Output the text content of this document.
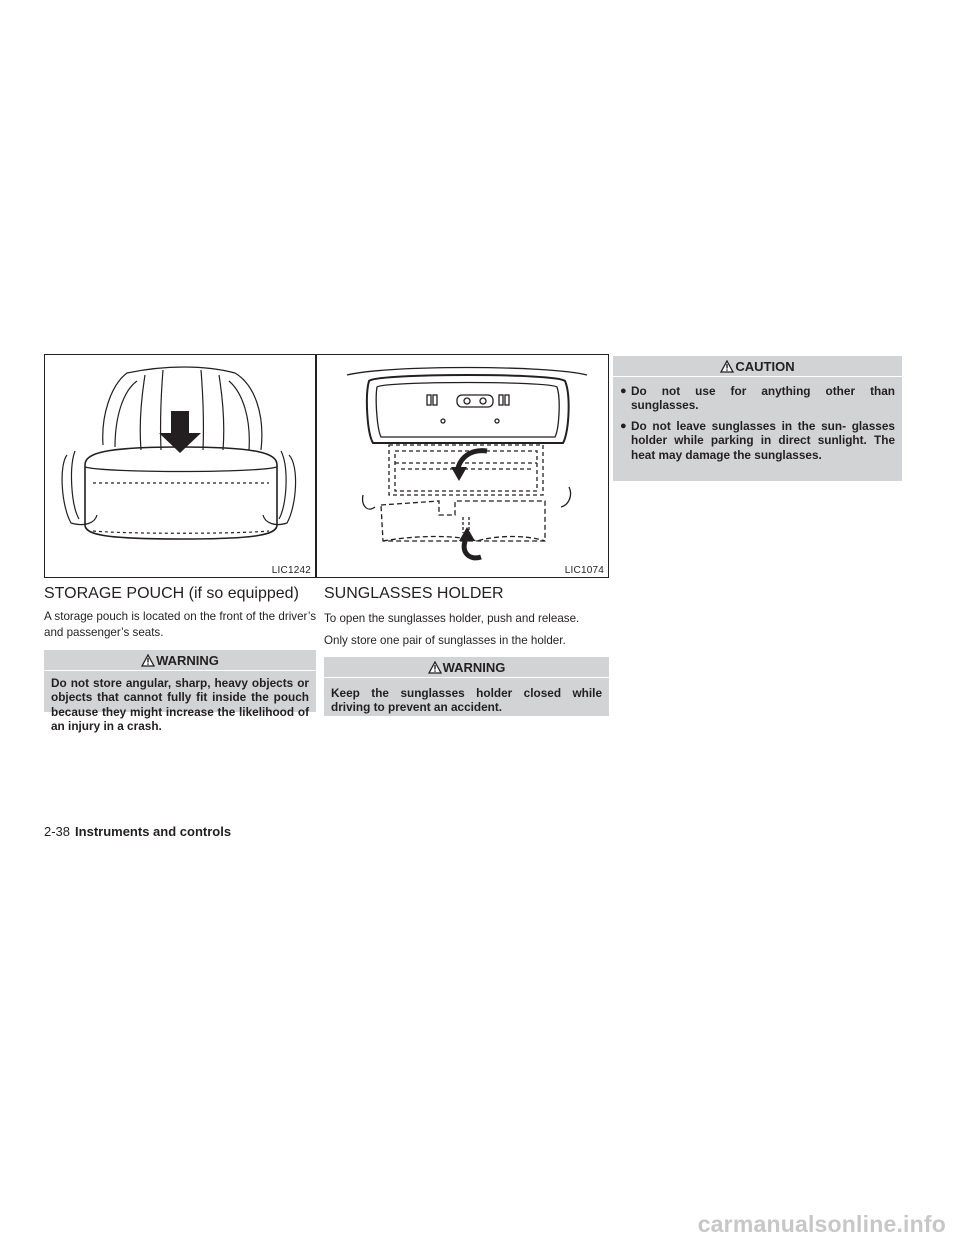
LIC1242	LIC1074
STORAGE POUCH (if so equipped)

A storage pouch is located on the front of the driver’s and passenger’s seats.

WARNING
Do not store angular, sharp, heavy objects or objects that cannot fully fit inside the pouch because they might increase the likelihood of an injury in a crash.
SUNGLASSES HOLDER

To open the sunglasses holder, push and release.

Only store one pair of sunglasses in the holder.

WARNING
Keep the sunglasses holder closed while driving to prevent an accident.
CAUTION
● Do not use for anything other than sunglasses.
● Do not leave sunglasses in the sun- glasses holder while parking in direct sunlight. The heat may damage the sunglasses.
2-38 Instruments and controls
carmanualsonline.info
